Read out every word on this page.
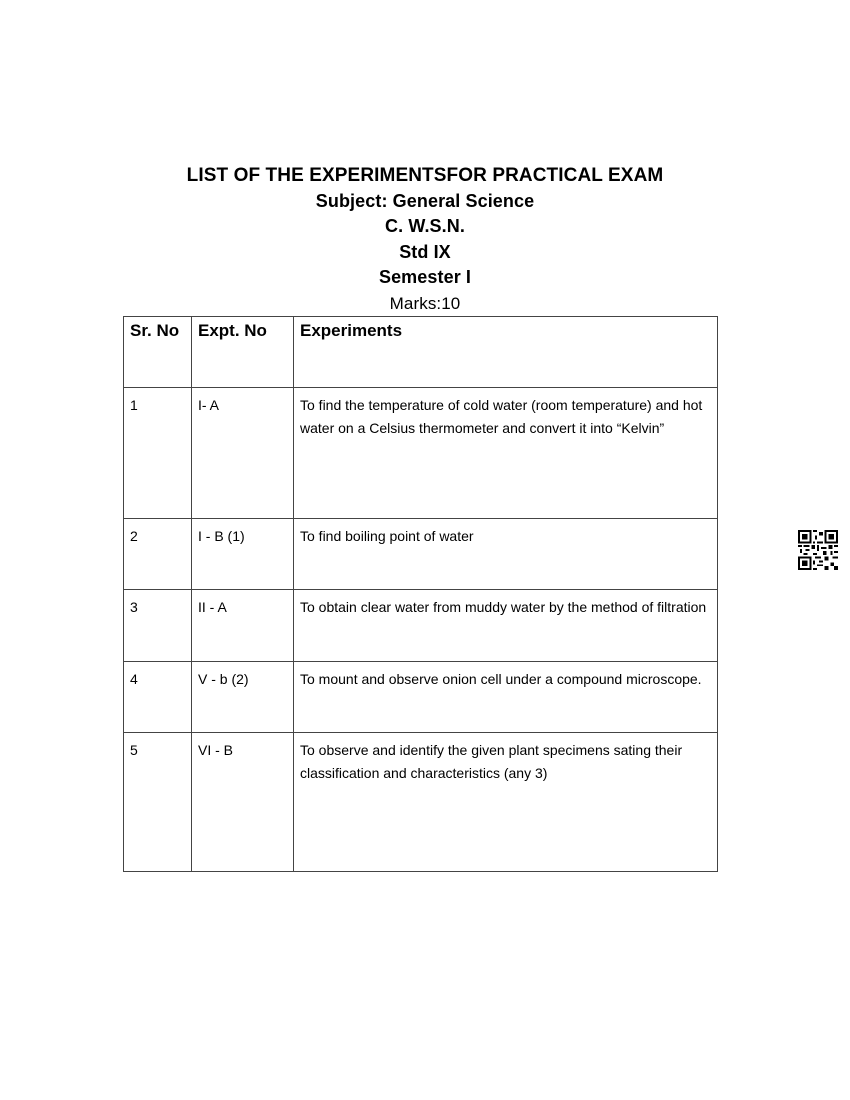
LIST OF THE EXPERIMENTSFOR PRACTICAL EXAM
Subject: General Science
C. W.S.N.
Std IX
Semester I
Marks:10
Sr. No	Expt. No	Experiments
1	I- A	To find the temperature of cold water (room temperature) and hot water on a Celsius thermometer and convert it into “Kelvin”
2	I - B (1)	To find boiling point of water
3	II - A	To obtain clear water from muddy water by the method of filtration
4	V - b (2)	To mount and observe onion cell under a compound microscope.
5	VI - B	To observe and identify the given plant specimens sating their classification and characteristics (any 3)
